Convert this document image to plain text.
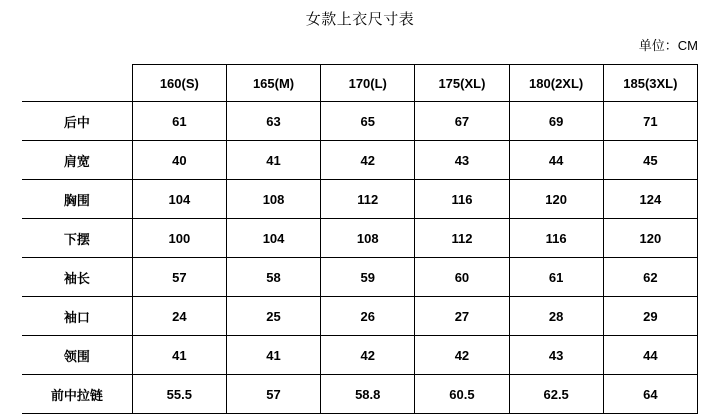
女款上衣尺寸表
单位：CM
	160(S)	165(M)	170(L)	175(XL)	180(2XL)	185(3XL)
后中	61	63	65	67	69	71
肩宽	40	41	42	43	44	45
胸围	104	108	112	116	120	124
下摆	100	104	108	112	116	120
袖长	57	58	59	60	61	62
袖口	24	25	26	27	28	29
领围	41	41	42	42	43	44
前中拉链	55.5	57	58.8	60.5	62.5	64
